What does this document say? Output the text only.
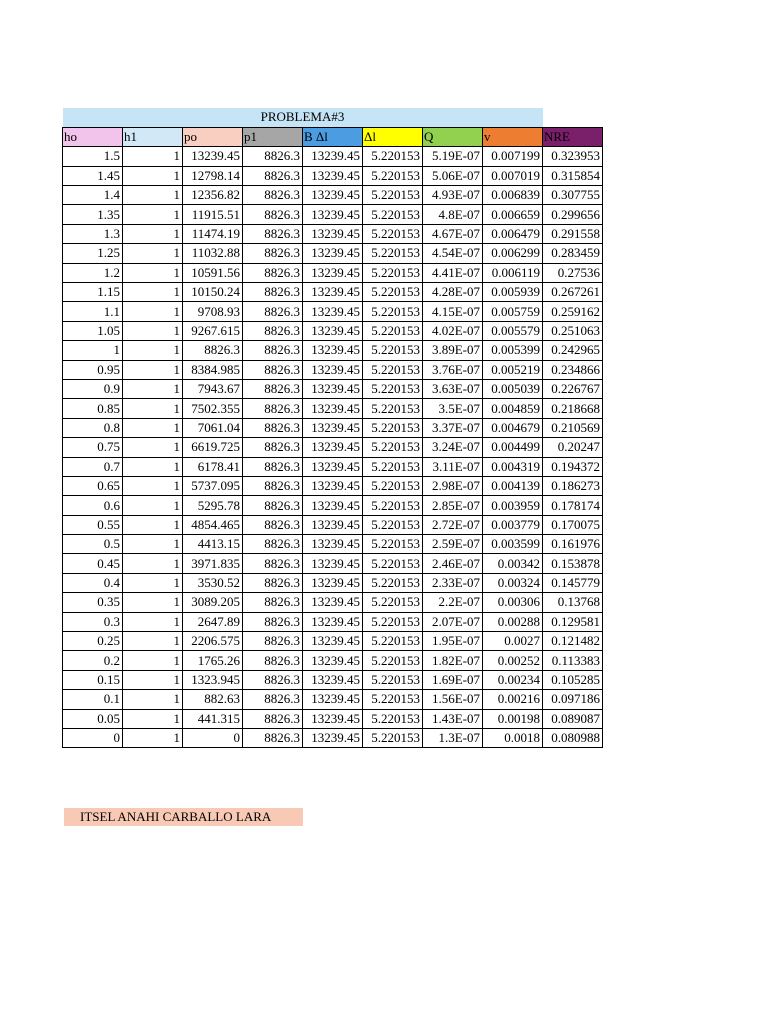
PROBLEMA#3								
ho	h1	po	p1	B Δl	Δl	Q	v	NRE
1.5	1	13239.45	8826.3	13239.45	5.220153	5.19E-07	0.007199	0.323953
1.45	1	12798.14	8826.3	13239.45	5.220153	5.06E-07	0.007019	0.315854
1.4	1	12356.82	8826.3	13239.45	5.220153	4.93E-07	0.006839	0.307755
1.35	1	11915.51	8826.3	13239.45	5.220153	4.8E-07	0.006659	0.299656
1.3	1	11474.19	8826.3	13239.45	5.220153	4.67E-07	0.006479	0.291558
1.25	1	11032.88	8826.3	13239.45	5.220153	4.54E-07	0.006299	0.283459
1.2	1	10591.56	8826.3	13239.45	5.220153	4.41E-07	0.006119	0.27536
1.15	1	10150.24	8826.3	13239.45	5.220153	4.28E-07	0.005939	0.267261
1.1	1	9708.93	8826.3	13239.45	5.220153	4.15E-07	0.005759	0.259162
1.05	1	9267.615	8826.3	13239.45	5.220153	4.02E-07	0.005579	0.251063
1	1	8826.3	8826.3	13239.45	5.220153	3.89E-07	0.005399	0.242965
0.95	1	8384.985	8826.3	13239.45	5.220153	3.76E-07	0.005219	0.234866
0.9	1	7943.67	8826.3	13239.45	5.220153	3.63E-07	0.005039	0.226767
0.85	1	7502.355	8826.3	13239.45	5.220153	3.5E-07	0.004859	0.218668
0.8	1	7061.04	8826.3	13239.45	5.220153	3.37E-07	0.004679	0.210569
0.75	1	6619.725	8826.3	13239.45	5.220153	3.24E-07	0.004499	0.20247
0.7	1	6178.41	8826.3	13239.45	5.220153	3.11E-07	0.004319	0.194372
0.65	1	5737.095	8826.3	13239.45	5.220153	2.98E-07	0.004139	0.186273
0.6	1	5295.78	8826.3	13239.45	5.220153	2.85E-07	0.003959	0.178174
0.55	1	4854.465	8826.3	13239.45	5.220153	2.72E-07	0.003779	0.170075
0.5	1	4413.15	8826.3	13239.45	5.220153	2.59E-07	0.003599	0.161976
0.45	1	3971.835	8826.3	13239.45	5.220153	2.46E-07	0.00342	0.153878
0.4	1	3530.52	8826.3	13239.45	5.220153	2.33E-07	0.00324	0.145779
0.35	1	3089.205	8826.3	13239.45	5.220153	2.2E-07	0.00306	0.13768
0.3	1	2647.89	8826.3	13239.45	5.220153	2.07E-07	0.00288	0.129581
0.25	1	2206.575	8826.3	13239.45	5.220153	1.95E-07	0.0027	0.121482
0.2	1	1765.26	8826.3	13239.45	5.220153	1.82E-07	0.00252	0.113383
0.15	1	1323.945	8826.3	13239.45	5.220153	1.69E-07	0.00234	0.105285
0.1	1	882.63	8826.3	13239.45	5.220153	1.56E-07	0.00216	0.097186
0.05	1	441.315	8826.3	13239.45	5.220153	1.43E-07	0.00198	0.089087
0	1	0	8826.3	13239.45	5.220153	1.3E-07	0.0018	0.080988
ITSEL ANAHI CARBALLO LARA
